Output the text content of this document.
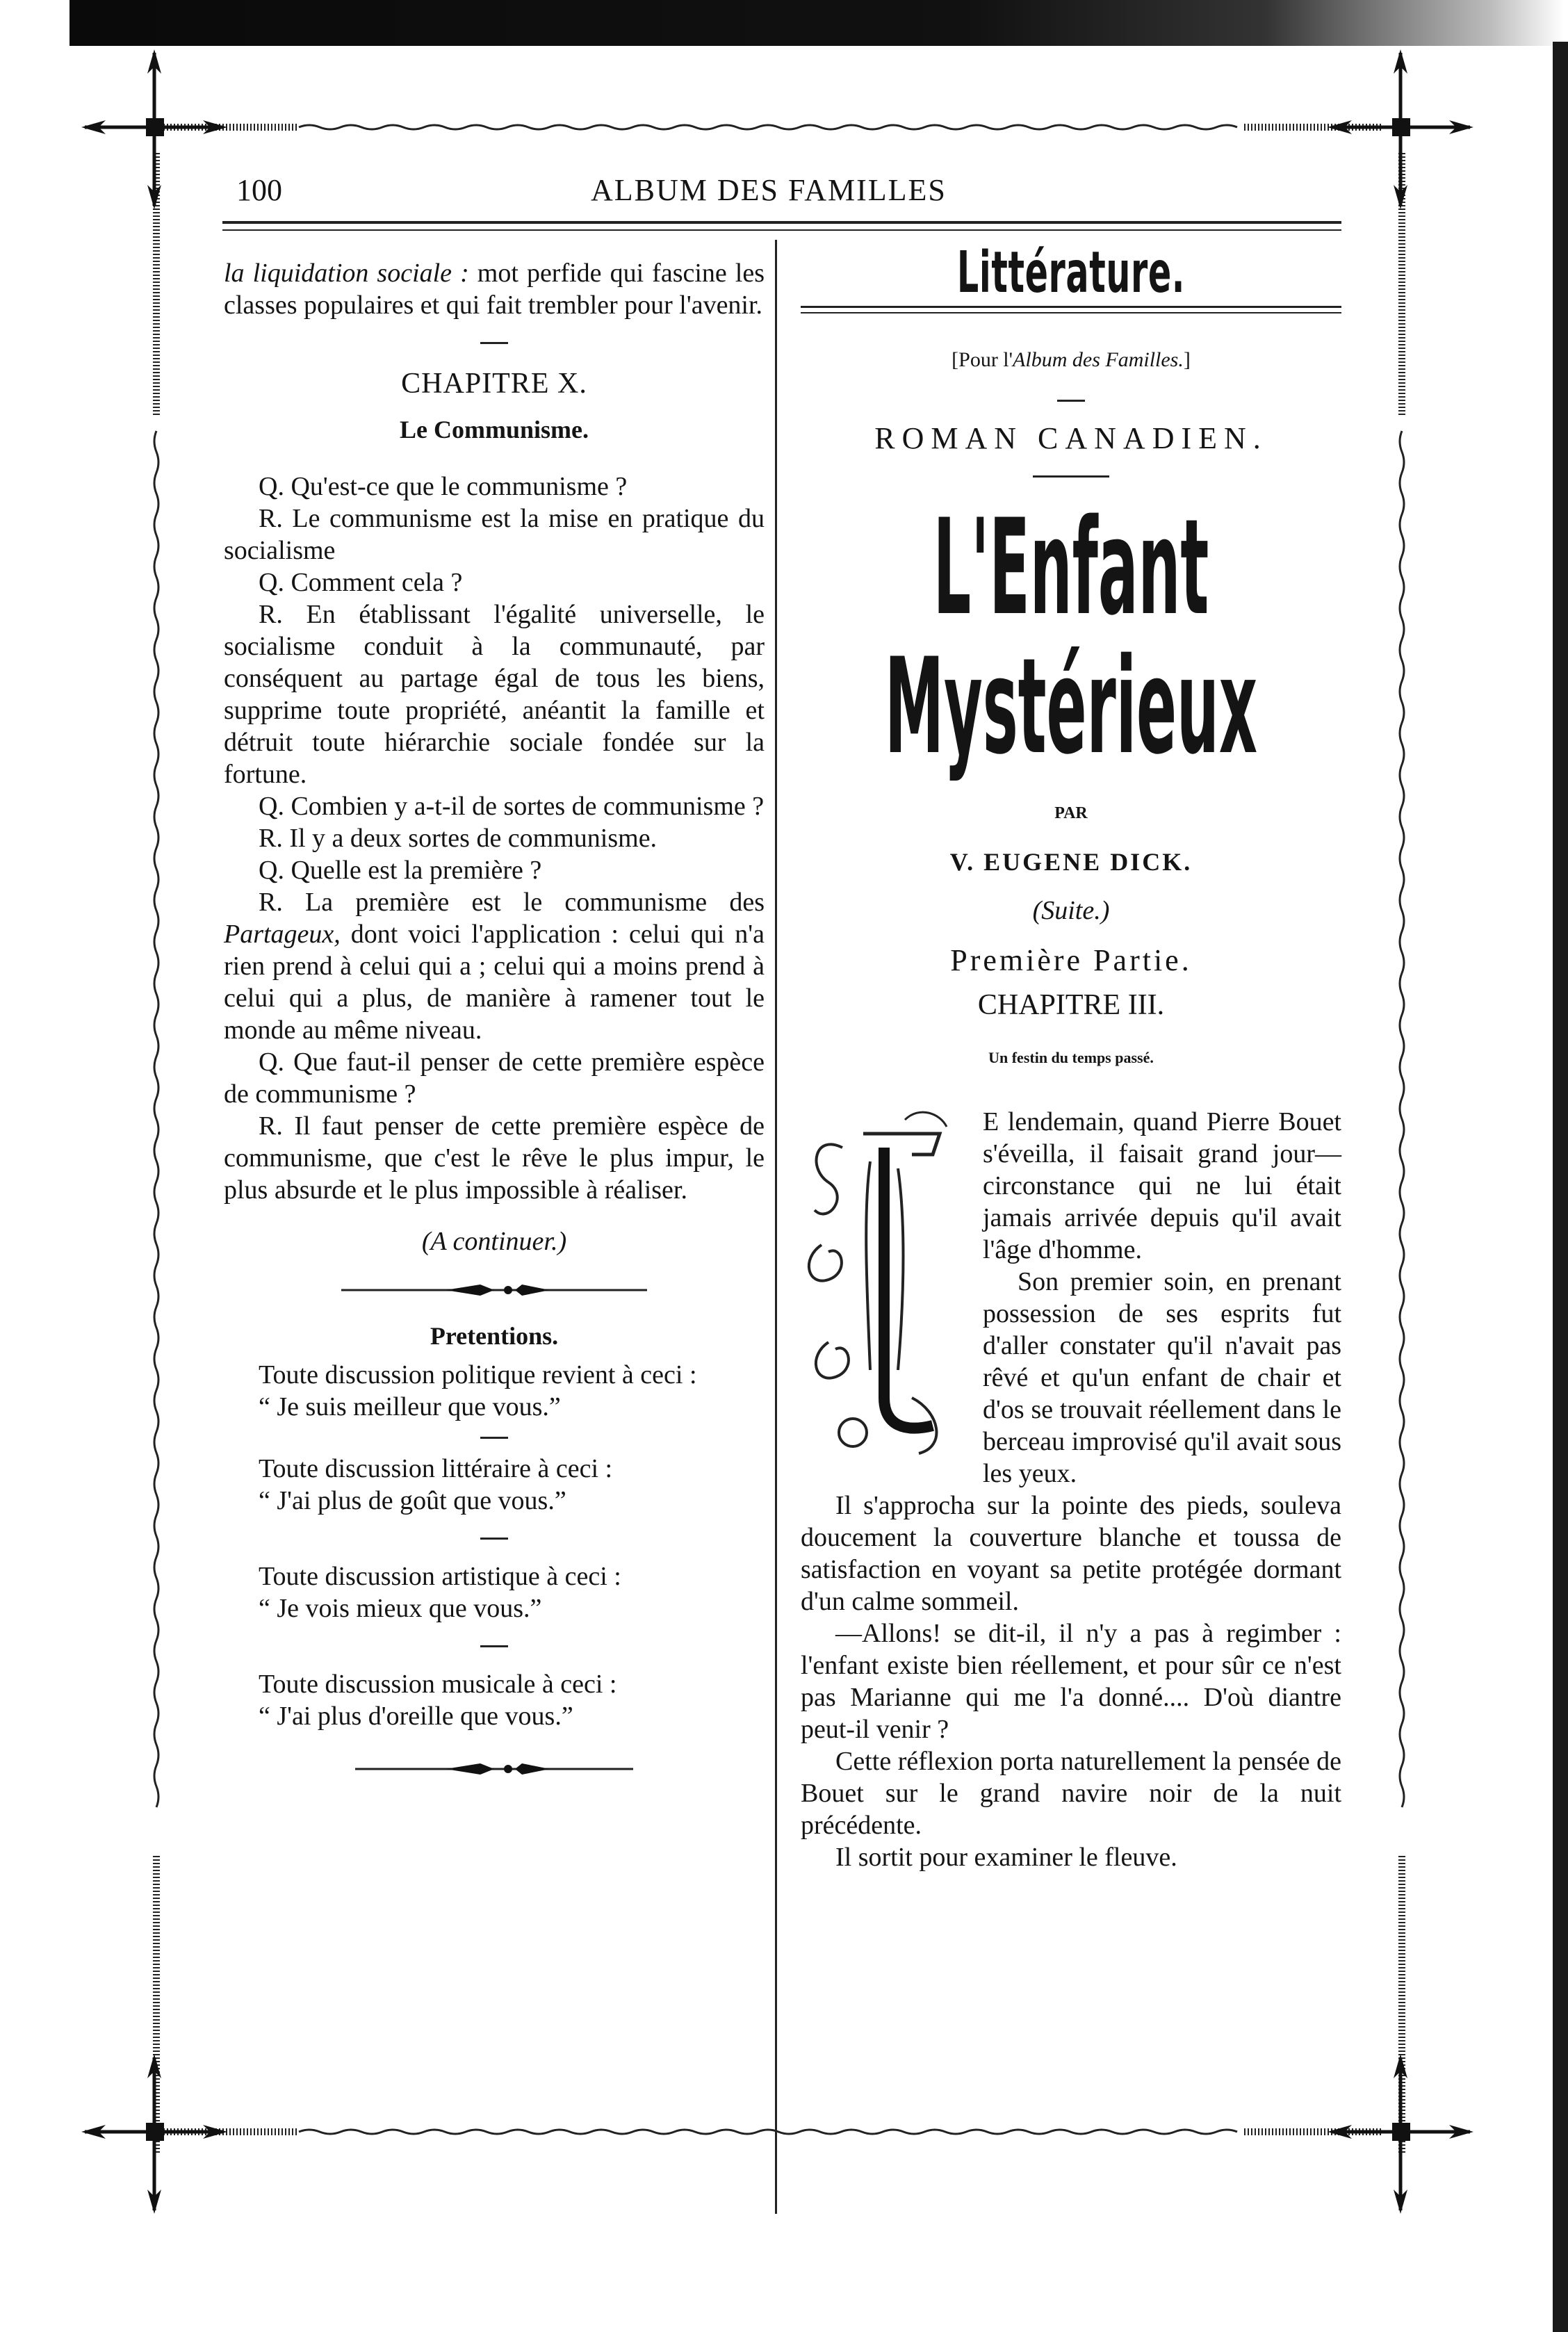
100	ALBUM DES FAMILLES

la liquidation sociale : mot perfide qui fascine les classes populaires et qui fait trembler pour l'avenir.

CHAPITRE X.
Le Communisme.

Q. Qu'est-ce que le communisme ?

R. Le communisme est la mise en pratique du socialisme

Q. Comment cela ?

R. En établissant l'égalité universelle, le socialisme conduit à la communauté, par conséquent au partage égal de tous les biens, supprime toute propriété, anéantit la famille et détruit toute hiérarchie sociale fondée sur la fortune.

Q. Combien y a-t-il de sortes de communisme ?

R. Il y a deux sortes de communisme.

Q. Quelle est la première ?

R. La première est le communisme des Partageux, dont voici l'application : celui qui n'a rien prend à celui qui a ; celui qui a moins prend à celui qui a plus, de manière à ramener tout le monde au même niveau.

Q. Que faut-il penser de cette première espèce de communisme ?

R. Il faut penser de cette première espèce de communisme, que c'est le rêve le plus impur, le plus absurde et le plus impossible à réaliser.

(A continuer.)

Pretentions.

Toute discussion politique revient à ceci :

“ Je suis meilleur que vous.”

Toute discussion littéraire à ceci :

“ J'ai plus de goût que vous.”

Toute discussion artistique à ceci :

“ Je vois mieux que vous.”

Toute discussion musicale à ceci :

“ J'ai plus d'oreille que vous.”

Littérature.
[Pour l'Album des Familles.]
ROMAN CANADIEN.
L'Enfant Mystérieux
PAR
V. EUGENE DICK.
(Suite.)
Première Partie.
CHAPITRE III.
Un festin du temps passé.

E lendemain, quand Pierre Bouet s'éveilla, il faisait grand jour—circonstance qui ne lui était jamais arrivée depuis qu'il avait l'âge d'homme.

Son premier soin, en prenant possession de ses esprits fut d'aller constater qu'il n'avait pas rêvé et qu'un enfant de chair et d'os se trouvait réellement dans le berceau improvisé qu'il avait sous les yeux.

Il s'approcha sur la pointe des pieds, souleva doucement la couverture blanche et toussa de satisfaction en voyant sa petite protégée dormant d'un calme sommeil.

—Allons! se dit-il, il n'y a pas à regimber : l'enfant existe bien réellement, et pour sûr ce n'est pas Marianne qui me l'a donné.... D'où diantre peut-il venir ?

Cette réflexion porta naturellement la pensée de Bouet sur le grand navire noir de la nuit précédente.

Il sortit pour examiner le fleuve.
